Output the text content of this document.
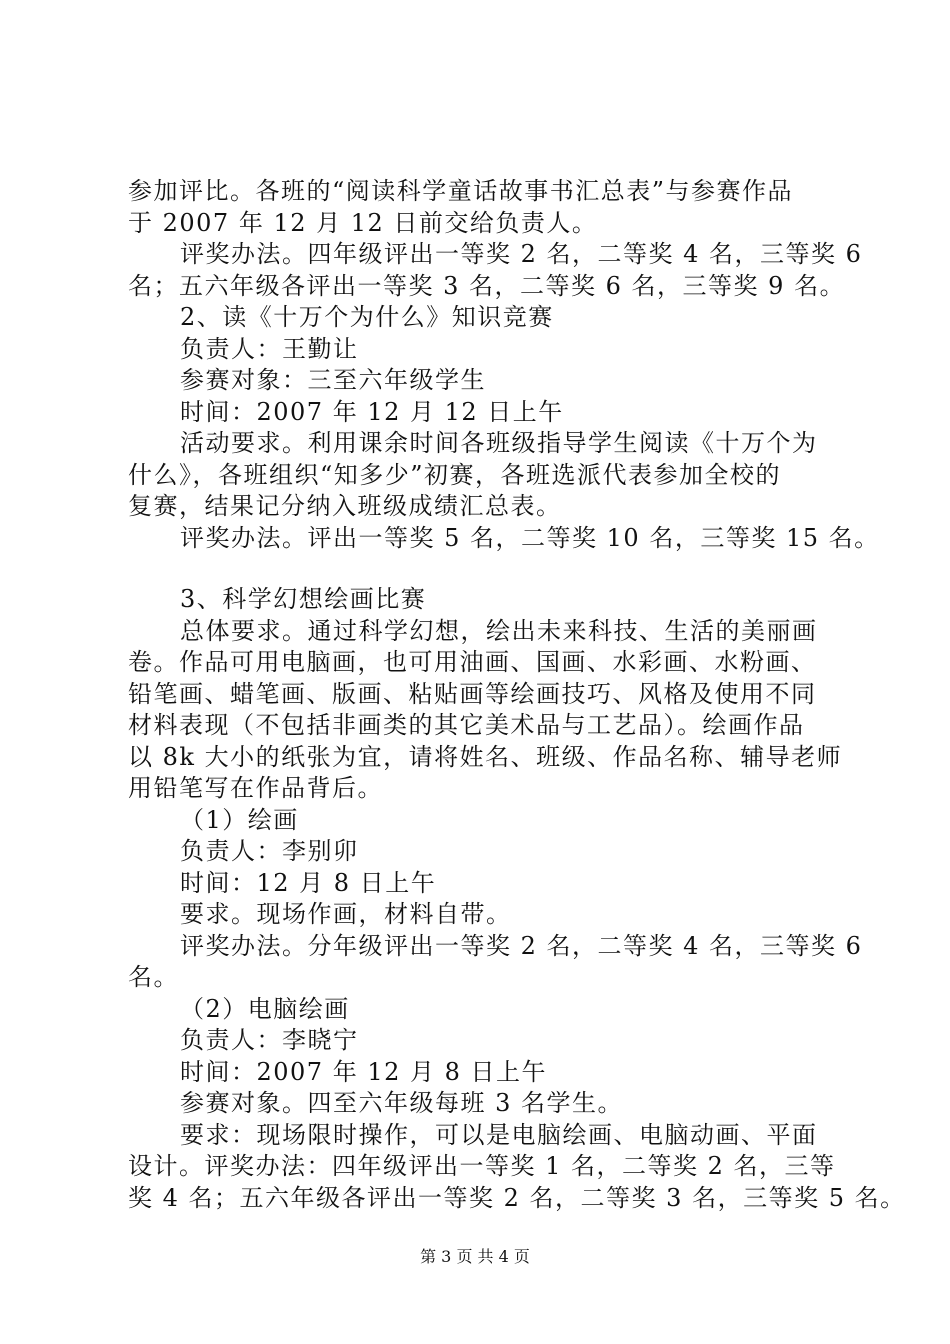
参加评比。各班的“阅读科学童话故事书汇总表”与参赛作品
于 2007 年 12 月 12 日前交给负责人。
评奖办法。四年级评出一等奖 2 名，二等奖 4 名，三等奖 6
名；五六年级各评出一等奖 3 名，二等奖 6 名，三等奖 9 名。
2、读《十万个为什么》知识竞赛
负责人：王勤让
参赛对象：三至六年级学生
时间：2007 年 12 月 12 日上午
活动要求。利用课余时间各班级指导学生阅读《十万个为
什么》，各班组织“知多少”初赛，各班选派代表参加全校的
复赛，结果记分纳入班级成绩汇总表。
评奖办法。评出一等奖 5 名，二等奖 10 名，三等奖 15 名。
3、科学幻想绘画比赛
总体要求。通过科学幻想，绘出未来科技、生活的美丽画
卷。作品可用电脑画，也可用油画、国画、水彩画、水粉画、
铅笔画、蜡笔画、版画、粘贴画等绘画技巧、风格及使用不同
材料表现（不包括非画类的其它美术品与工艺品）。绘画作品
以 8k 大小的纸张为宜，请将姓名、班级、作品名称、辅导老师
用铅笔写在作品背后。
（1）绘画
负责人：李别卯
时间：12 月 8 日上午
要求。现场作画，材料自带。
评奖办法。分年级评出一等奖 2 名，二等奖 4 名，三等奖 6
名。
（2）电脑绘画
负责人：李晓宁
时间：2007 年 12 月 8 日上午
参赛对象。四至六年级每班 3 名学生。
要求：现场限时操作，可以是电脑绘画、电脑动画、平面
设计。评奖办法：四年级评出一等奖 1 名，二等奖 2 名，三等
奖 4 名；五六年级各评出一等奖 2 名，二等奖 3 名，三等奖 5 名。
第 3 页 共 4 页
